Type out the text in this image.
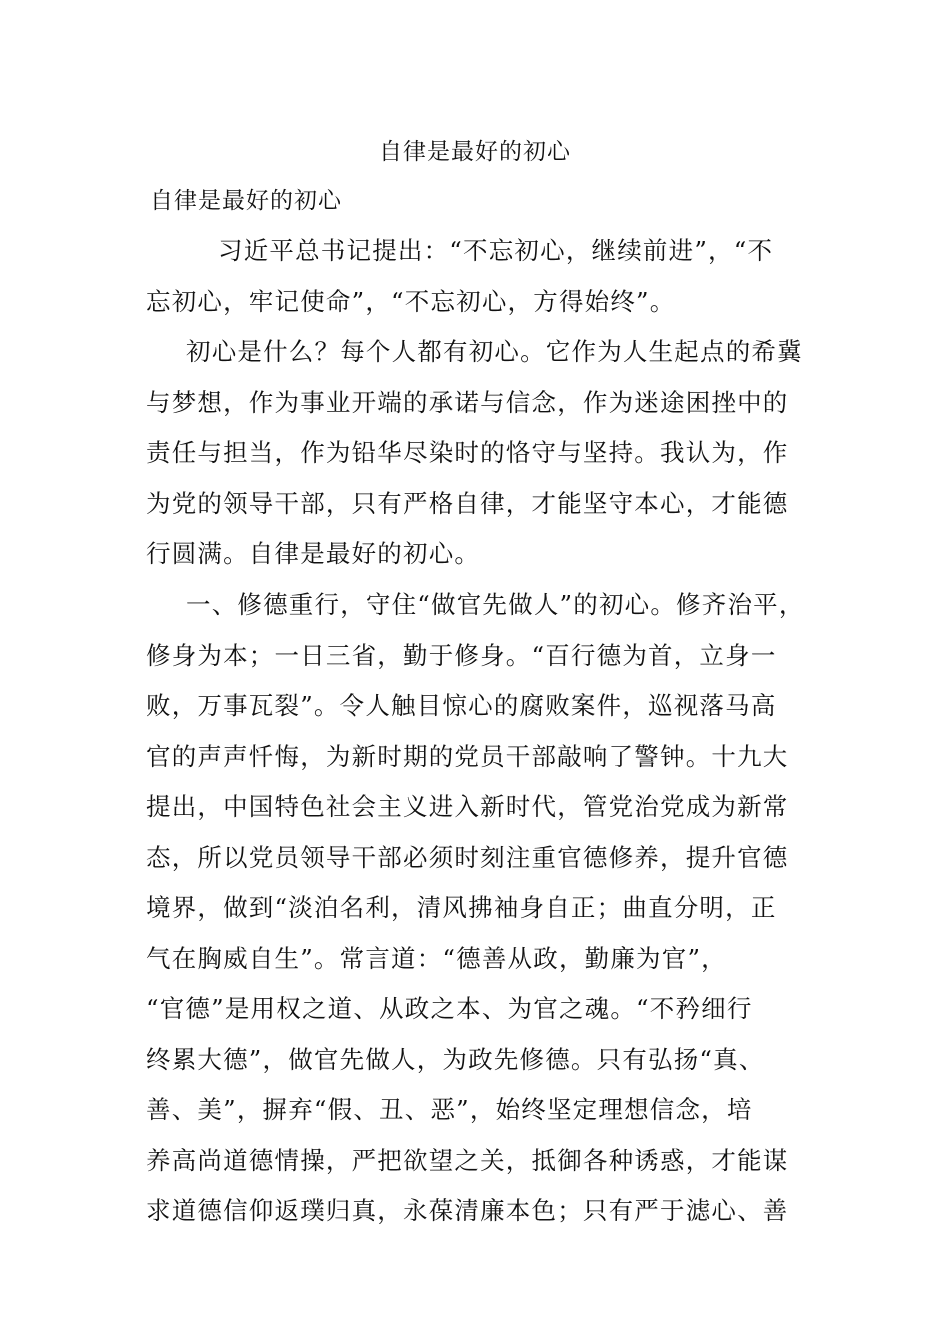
自律是最好的初心
自律是最好的初心
习近平总书记提出：“不忘初心，继续前进”，“不
忘初心，牢记使命”，“不忘初心，方得始终”。
初心是什么？每个人都有初心。它作为人生起点的希冀
与梦想，作为事业开端的承诺与信念，作为迷途困挫中的
责任与担当，作为铅华尽染时的恪守与坚持。我认为，作
为党的领导干部，只有严格自律，才能坚守本心，才能德
行圆满。自律是最好的初心。
一、修德重行，守住“做官先做人”的初心。修齐治平，
修身为本；一日三省，勤于修身。“百行德为首，立身一
败，万事瓦裂”。令人触目惊心的腐败案件，巡视落马高
官的声声忏悔，为新时期的党员干部敲响了警钟。十九大
提出，中国特色社会主义进入新时代，管党治党成为新常
态，所以党员领导干部必须时刻注重官德修养，提升官德
境界，做到“淡泊名利，清风拂袖身自正；曲直分明，正
气在胸威自生”。常言道：“德善从政，勤廉为官”，
“官德”是用权之道、从政之本、为官之魂。“不矜细行
终累大德”，做官先做人，为政先修德。只有弘扬“真、
善、美”，摒弃“假、丑、恶”，始终坚定理想信念，培
养高尚道德情操，严把欲望之关，抵御各种诱惑，才能谋
求道德信仰返璞归真，永葆清廉本色；只有严于滤心、善
